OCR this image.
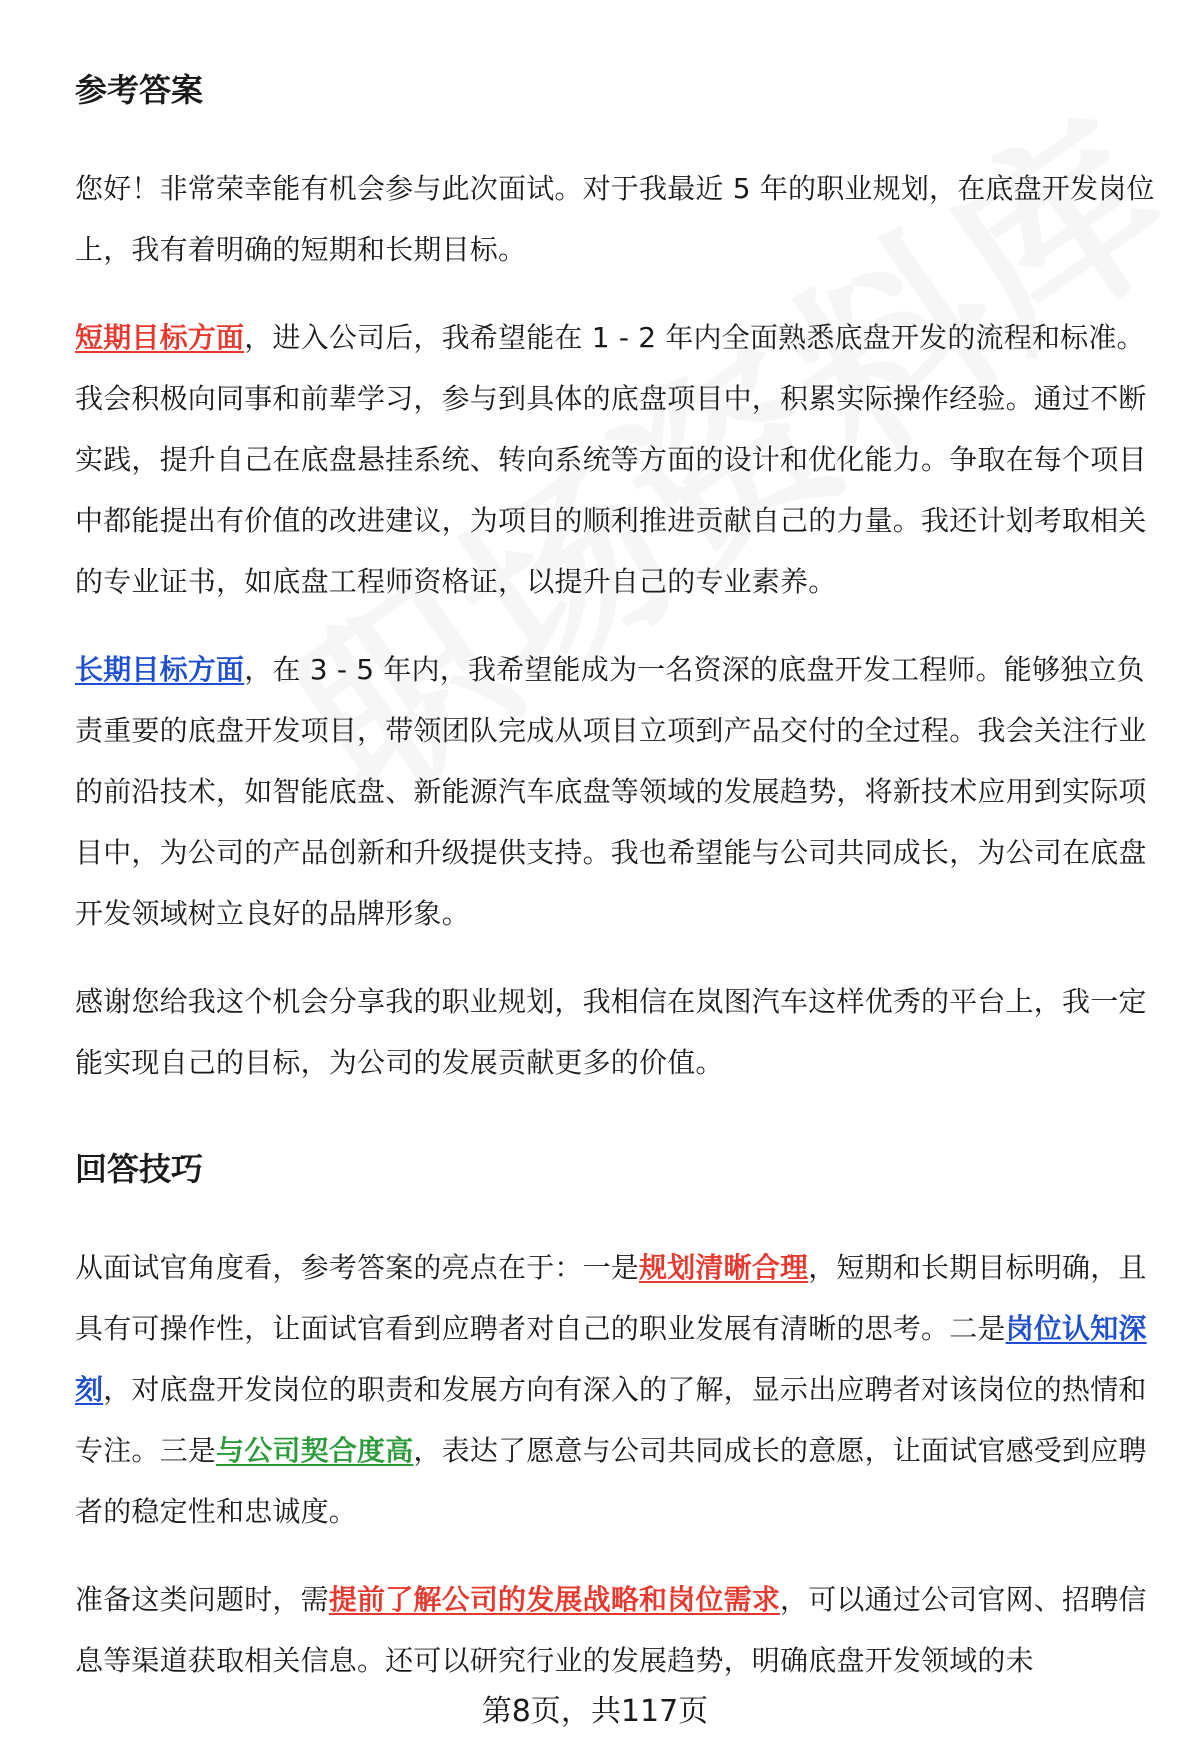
参考答案

您好！非常荣幸能有机会参与此次面试。对于我最近 5 年的职业规划，在底盘开发岗位上，我有着明确的短期和长期目标。

短期目标方面，进入公司后，我希望能在 1 - 2 年内全面熟悉底盘开发的流程和标准。我会积极向同事和前辈学习，参与到具体的底盘项目中，积累实际操作经验。通过不断实践，提升自己在底盘悬挂系统、转向系统等方面的设计和优化能力。争取在每个项目中都能提出有价值的改进建议，为项目的顺利推进贡献自己的力量。我还计划考取相关的专业证书，如底盘工程师资格证，以提升自己的专业素养。

长期目标方面，在 3 - 5 年内，我希望能成为一名资深的底盘开发工程师。能够独立负责重要的底盘开发项目，带领团队完成从项目立项到产品交付的全过程。我会关注行业的前沿技术，如智能底盘、新能源汽车底盘等领域的发展趋势，将新技术应用到实际项目中，为公司的产品创新和升级提供支持。我也希望能与公司共同成长，为公司在底盘开发领域树立良好的品牌形象。

感谢您给我这个机会分享我的职业规划，我相信在岚图汽车这样优秀的平台上，我一定能实现自己的目标，为公司的发展贡献更多的价值。

回答技巧

从面试官角度看，参考答案的亮点在于：一是规划清晰合理，短期和长期目标明确，且具有可操作性，让面试官看到应聘者对自己的职业发展有清晰的思考。二是岗位认知深刻，对底盘开发岗位的职责和发展方向有深入的了解，显示出应聘者对该岗位的热情和专注。三是与公司契合度高，表达了愿意与公司共同成长的意愿，让面试官感受到应聘者的稳定性和忠诚度。

准备这类问题时，需提前了解公司的发展战略和岗位需求，可以通过公司官网、招聘信息等渠道获取相关信息。还可以研究行业的发展趋势，明确底盘开发领域的未

第8页，共117页
